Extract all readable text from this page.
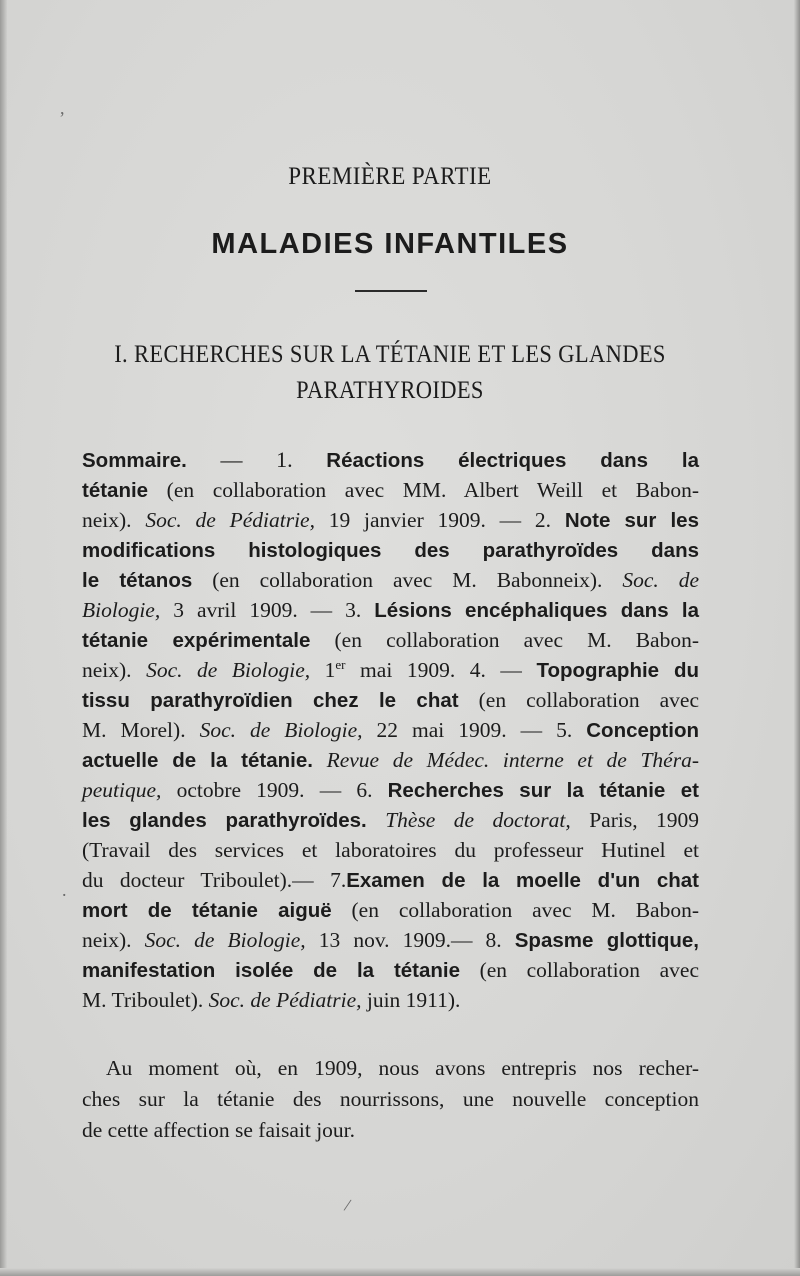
PREMIÈRE PARTIE
MALADIES INFANTILES
I. RECHERCHES SUR LA TÉTANIE ET LES GLANDES
PARATHYROIDES
Sommaire. — 1. Réactions électriques dans la
tétanie (en collaboration avec MM. Albert Weill et Babon-
neix). Soc. de Pédiatrie, 19 janvier 1909. — 2. Note sur les
modifications histologiques des parathyroïdes dans
le tétanos (en collaboration avec M. Babonneix). Soc. de
Biologie, 3 avril 1909. — 3. Lésions encéphaliques dans la
tétanie expérimentale (en collaboration avec M. Babon-
neix). Soc. de Biologie, 1er mai 1909. 4. — Topographie du
tissu parathyroïdien chez le chat (en collaboration avec
M. Morel). Soc. de Biologie, 22 mai 1909. — 5. Conception
actuelle de la tétanie. Revue de Médec. interne et de Théra-
peutique, octobre 1909. — 6. Recherches sur la tétanie et
les glandes parathyroïdes. Thèse de doctorat, Paris, 1909
(Travail des services et laboratoires du professeur Hutinel et
du docteur Triboulet).— 7.Examen de la moelle d'un chat
mort de tétanie aiguë (en collaboration avec M. Babon-
neix). Soc. de Biologie, 13 nov. 1909.— 8. Spasme glottique,
manifestation isolée de la tétanie (en collaboration avec
M. Triboulet). Soc. de Pédiatrie, juin 1911).
Au moment où, en 1909, nous avons entrepris nos recher-
ches sur la tétanie des nourrissons, une nouvelle conception
de cette affection se faisait jour.
,
.
/
